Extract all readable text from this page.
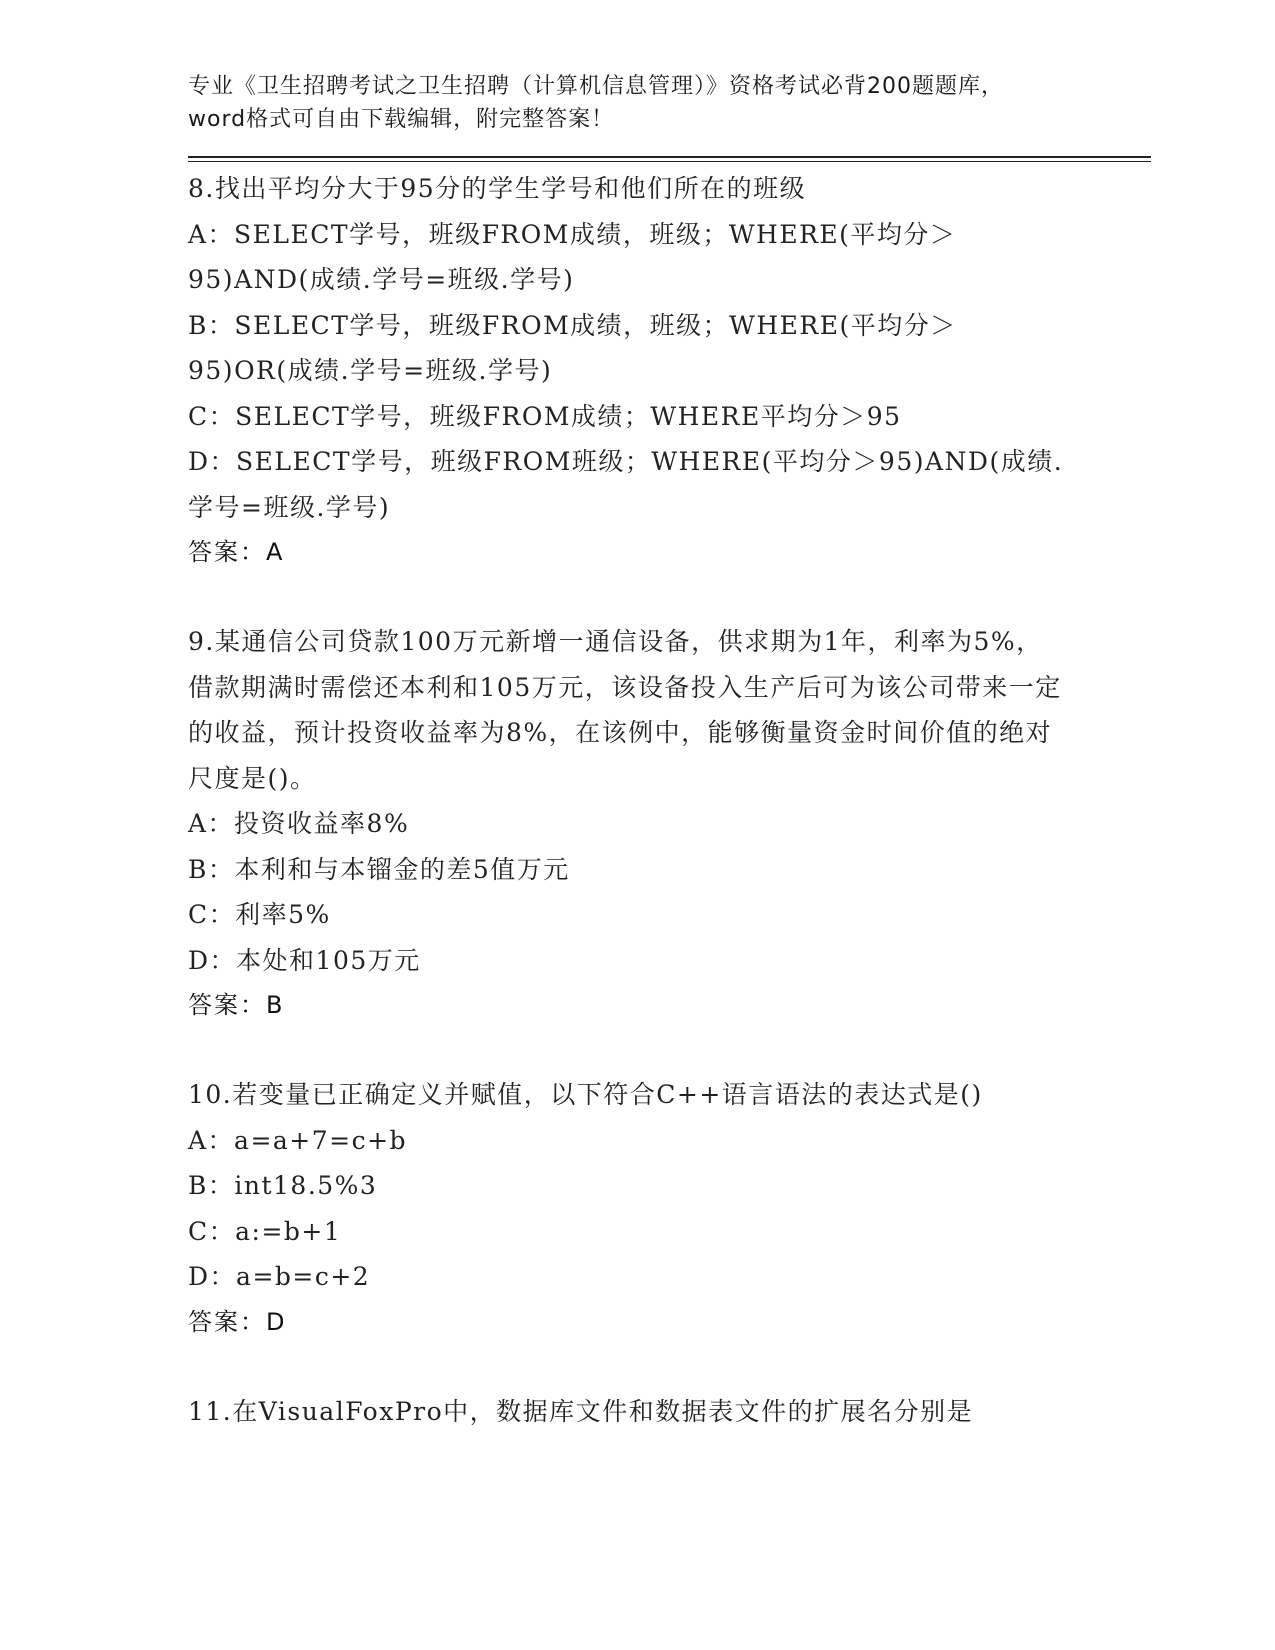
专业《卫生招聘考试之卫生招聘（计算机信息管理）》资格考试必背200题题库，
word格式可自由下载编辑，附完整答案！
8.找出平均分大于95分的学生学号和他们所在的班级
A：SELECT学号，班级FROM成绩，班级；WHERE(平均分＞95)AND(成绩.学号=班级.学号)
B：SELECT学号，班级FROM成绩，班级；WHERE(平均分＞95)OR(成绩.学号=班级.学号)
C：SELECT学号，班级FROM成绩；WHERE平均分＞95
D：SELECT学号，班级FROM班级；WHERE(平均分＞95)AND(成绩.学号=班级.学号)
答案：A
9.某通信公司贷款100万元新增一通信设备，供求期为1年，利率为5%，借款期满时需偿还本利和105万元，该设备投入生产后可为该公司带来一定的收益，预计投资收益率为8%，在该例中，能够衡量资金时间价值的绝对尺度是()。
A：投资收益率8%
B：本利和与本镏金的差5值万元
C：利率5%
D：本处和105万元
答案：B
10.若变量已正确定义并赋值，以下符合C++语言语法的表达式是()
A：a=a+7=c+b
B：int18.5%3
C：a:=b+1
D：a=b=c+2
答案：D
11.在VisualFoxPro中，数据库文件和数据表文件的扩展名分别是
